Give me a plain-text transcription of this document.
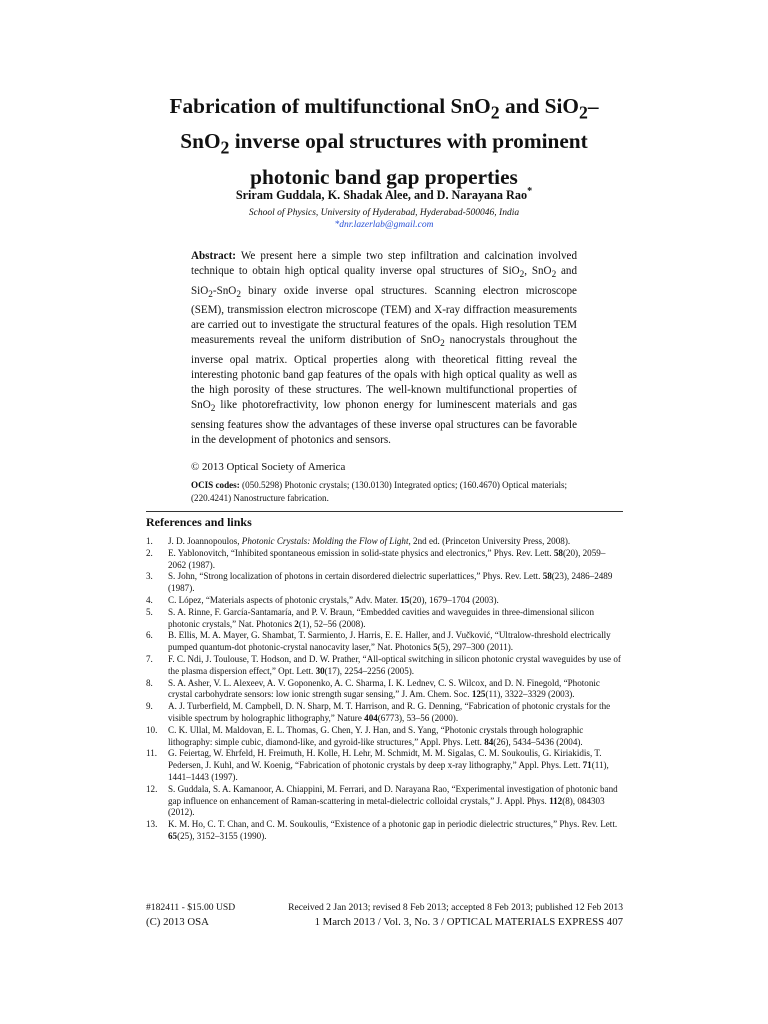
Fabrication of multifunctional SnO$_2$ and SiO$_2$–SnO$_2$ inverse opal structures with prominent photonic band gap properties
Sriram Guddala, K. Shadak Alee, and D. Narayana Rao*
School of Physics, University of Hyderabad, Hyderabad-500046, India
*dnr.lazerlab@gmail.com
Abstract: We present here a simple two step infiltration and calcination involved technique to obtain high optical quality inverse opal structures of SiO$_2$, SnO$_2$ and SiO$_2$-SnO$_2$ binary oxide inverse opal structures. Scanning electron microscope (SEM), transmission electron microscope (TEM) and X-ray diffraction measurements are carried out to investigate the structural features of the opals. High resolution TEM measurements reveal the uniform distribution of SnO$_2$ nanocrystals throughout the inverse opal matrix. Optical properties along with theoretical fitting reveal the interesting photonic band gap features of the opals with high optical quality as well as the high porosity of these structures. The well-known multifunctional properties of SnO$_2$ like photorefractivity, low phonon energy for luminescent materials and gas sensing features show the advantages of these inverse opal structures can be favorable in the development of photonics and sensors.
© 2013 Optical Society of America
OCIS codes: (050.5298) Photonic crystals; (130.0130) Integrated optics; (160.4670) Optical materials; (220.4241) Nanostructure fabrication.
References and links
1.	J. D. Joannopoulos, Photonic Crystals: Molding the Flow of Light, 2nd ed. (Princeton University Press, 2008).
2.	E. Yablonovitch, “Inhibited spontaneous emission in solid-state physics and electronics,” Phys. Rev. Lett. 58(20), 2059–2062 (1987).
3.	S. John, “Strong localization of photons in certain disordered dielectric superlattices,” Phys. Rev. Lett. 58(23), 2486–2489 (1987).
4.	C. López, “Materials aspects of photonic crystals,” Adv. Mater. 15(20), 1679–1704 (2003).
5.	S. A. Rinne, F. García-Santamaría, and P. V. Braun, “Embedded cavities and waveguides in three-dimensional silicon photonic crystals,” Nat. Photonics 2(1), 52–56 (2008).
6.	B. Ellis, M. A. Mayer, G. Shambat, T. Sarmiento, J. Harris, E. E. Haller, and J. Vučković, “Ultralow-threshold electrically pumped quantum-dot photonic-crystal nanocavity laser,” Nat. Photonics 5(5), 297–300 (2011).
7.	F. C. Ndi, J. Toulouse, T. Hodson, and D. W. Prather, “All-optical switching in silicon photonic crystal waveguides by use of the plasma dispersion effect,” Opt. Lett. 30(17), 2254–2256 (2005).
8.	S. A. Asher, V. L. Alexeev, A. V. Goponenko, A. C. Sharma, I. K. Lednev, C. S. Wilcox, and D. N. Finegold, “Photonic crystal carbohydrate sensors: low ionic strength sugar sensing,” J. Am. Chem. Soc. 125(11), 3322–3329 (2003).
9.	A. J. Turberfield, M. Campbell, D. N. Sharp, M. T. Harrison, and R. G. Denning, “Fabrication of photonic crystals for the visible spectrum by holographic lithography,” Nature 404(6773), 53–56 (2000).
10.	C. K. Ullal, M. Maldovan, E. L. Thomas, G. Chen, Y. J. Han, and S. Yang, “Photonic crystals through holographic lithography: simple cubic, diamond-like, and gyroid-like structures,” Appl. Phys. Lett. 84(26), 5434–5436 (2004).
11.	G. Feiertag, W. Ehrfeld, H. Freimuth, H. Kolle, H. Lehr, M. Schmidt, M. M. Sigalas, C. M. Soukoulis, G. Kiriakidis, T. Pedersen, J. Kuhl, and W. Koenig, “Fabrication of photonic crystals by deep x-ray lithography,” Appl. Phys. Lett. 71(11), 1441–1443 (1997).
12.	S. Guddala, S. A. Kamanoor, A. Chiappini, M. Ferrari, and D. Narayana Rao, “Experimental investigation of photonic band gap influence on enhancement of Raman-scattering in metal-dielectric colloidal crystals,” J. Appl. Phys. 112(8), 084303 (2012).
13.	K. M. Ho, C. T. Chan, and C. M. Soukoulis, “Existence of a photonic gap in periodic dielectric structures,” Phys. Rev. Lett. 65(25), 3152–3155 (1990).
#182411 - $15.00 USD	Received 2 Jan 2013; revised 8 Feb 2013; accepted 8 Feb 2013; published 12 Feb 2013
(C) 2013 OSA	1 March 2013 / Vol. 3, No. 3 / OPTICAL MATERIALS EXPRESS 407
